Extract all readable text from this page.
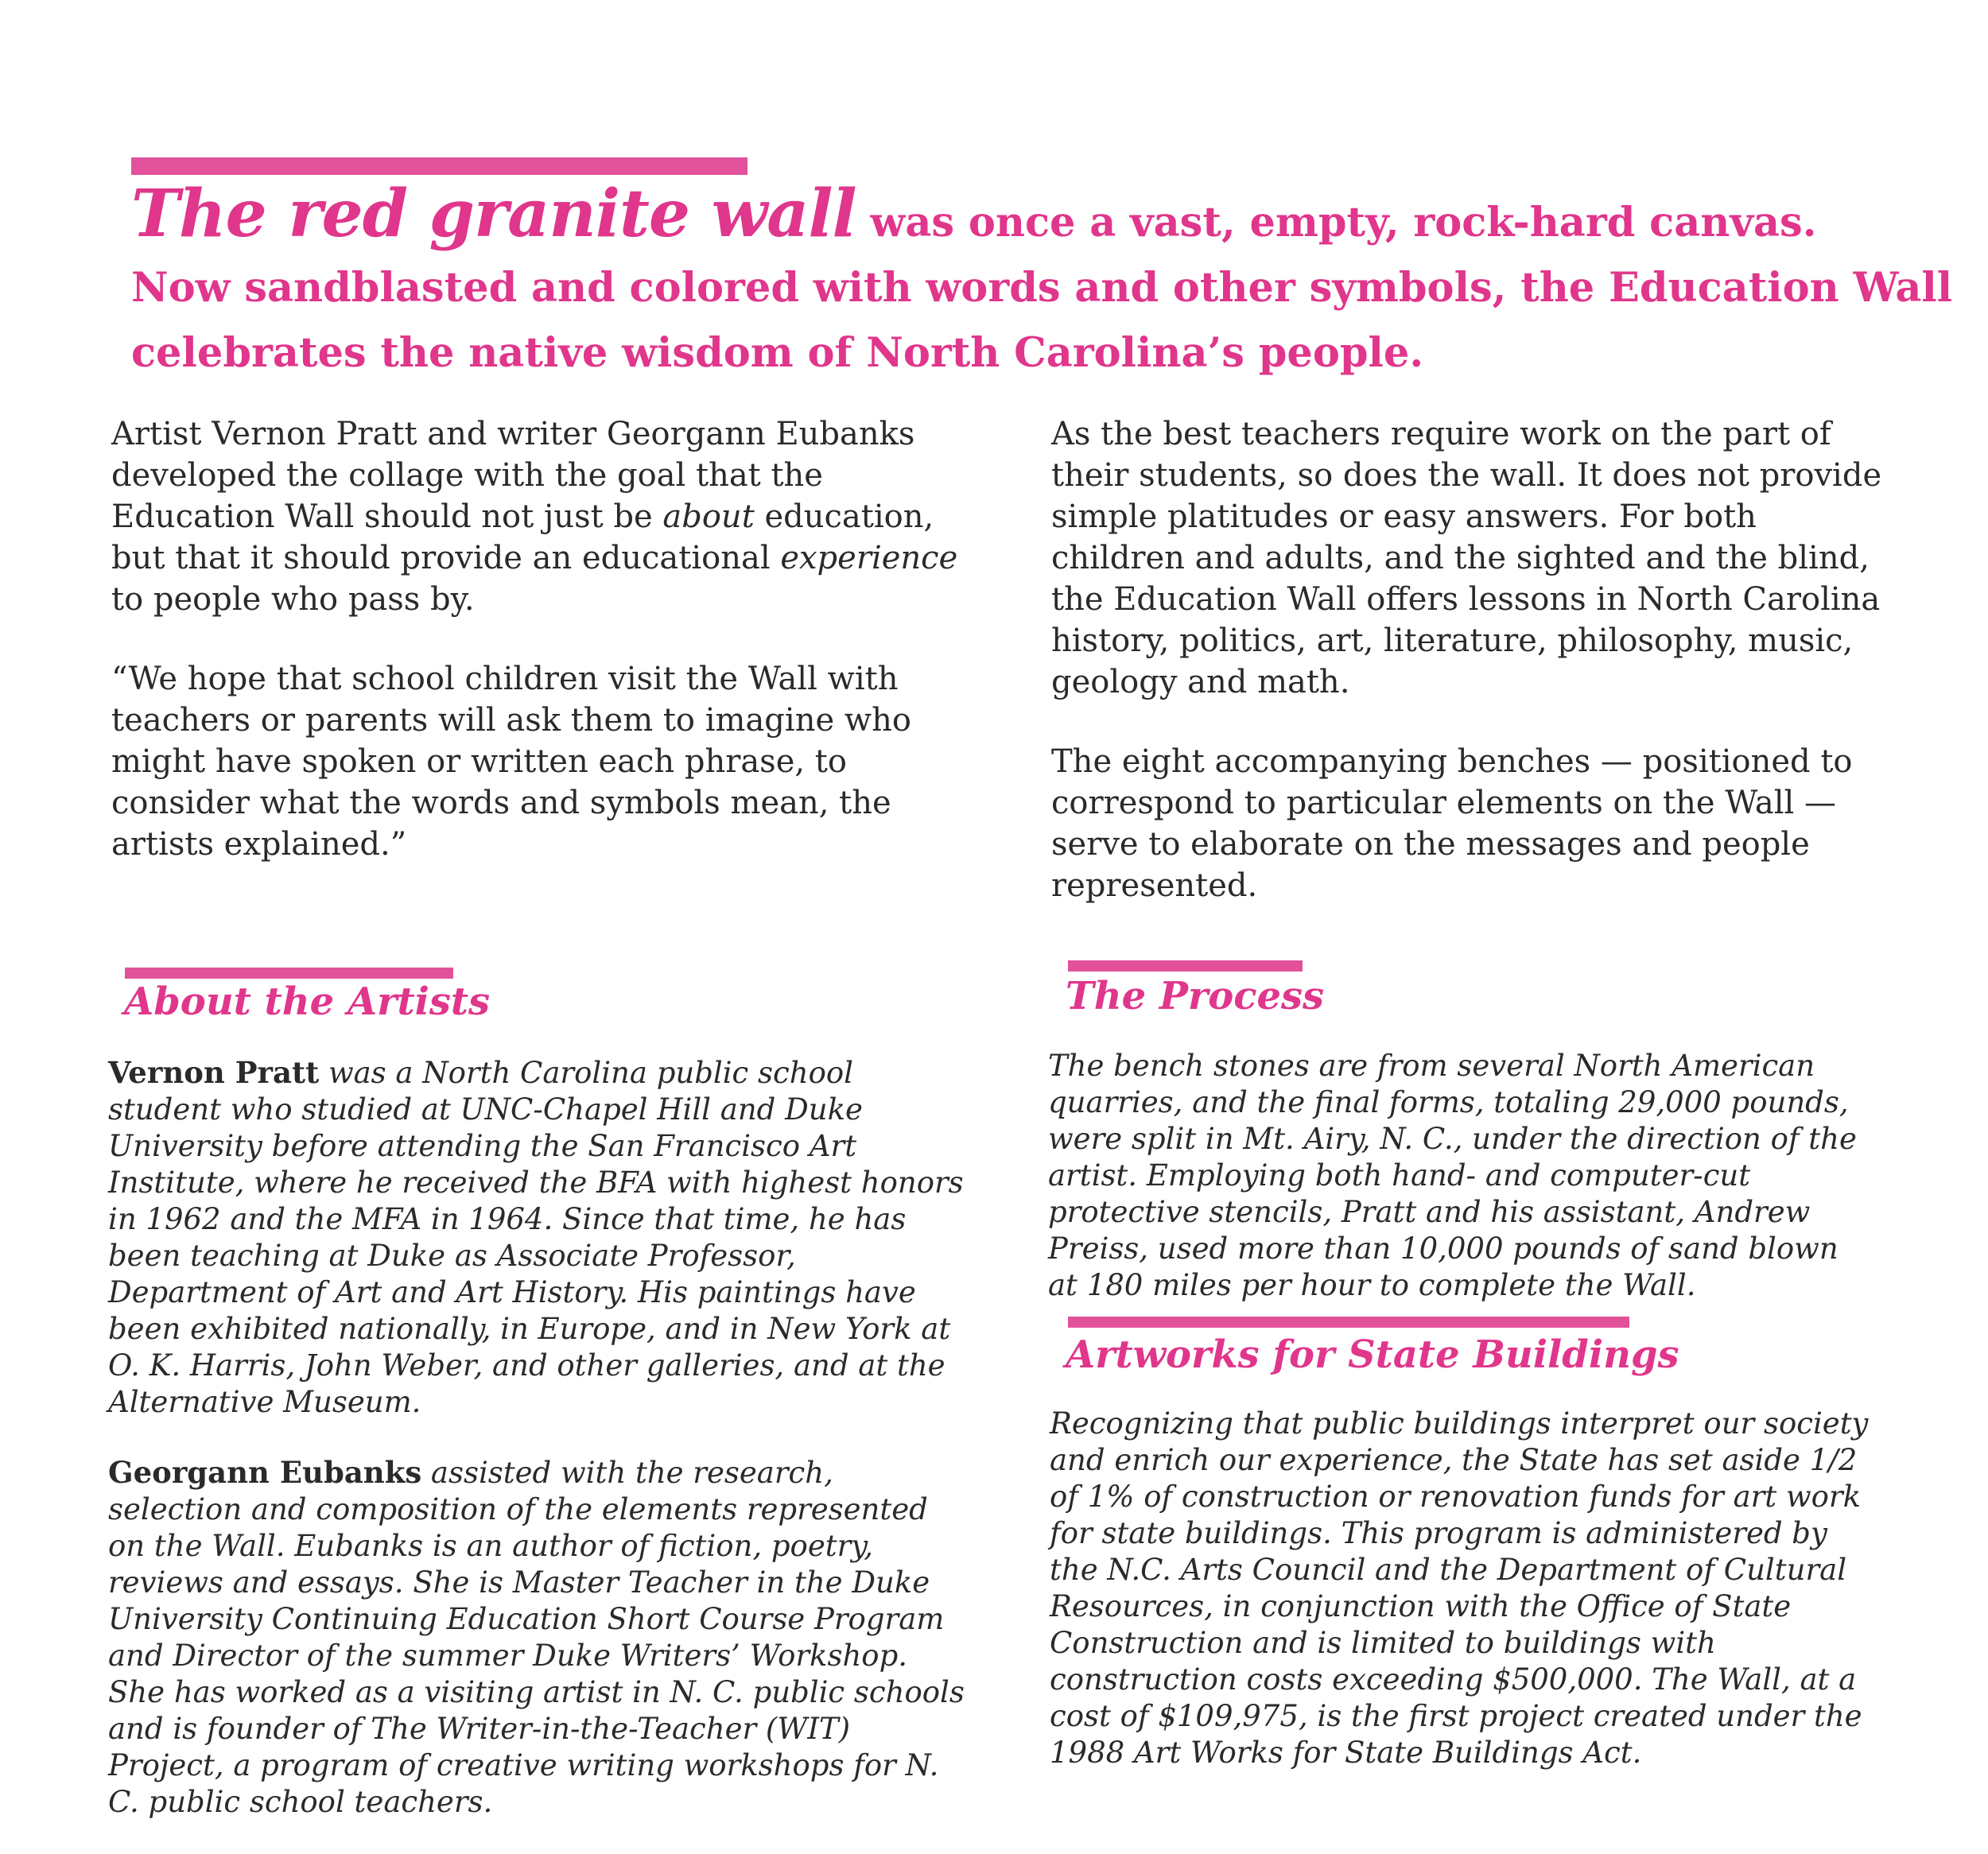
The red granite wall was once a vast, empty, rock-hard canvas.
Now sandblasted and colored with words and other symbols, the Education Wall
celebrates the native wisdom of North Carolina’s people.

Artist Vernon Pratt and writer Georgann Eubanks developed the collage with the goal that the Education Wall should not just be about education, but that it should provide an educational experience to people who pass by.

“We hope that school children visit the Wall with teachers or parents will ask them to imagine who might have spoken or written each phrase, to consider what the words and symbols mean, the artists explained.”

As the best teachers require work on the part of their students, so does the wall. It does not provide simple platitudes or easy answers. For both children and adults, and the sighted and the blind, the Education Wall offers lessons in North Carolina history, politics, art, literature, philosophy, music, geology and math.

The eight accompanying benches — positioned to correspond to particular elements on the Wall — serve to elaborate on the messages and people represented.

About the Artists

Vernon Pratt was a North Carolina public school student who studied at UNC-Chapel Hill and Duke University before attending the San Francisco Art Institute, where he received the BFA with highest honors in 1962 and the MFA in 1964. Since that time, he has been teaching at Duke as Associate Professor, Department of Art and Art History. His paintings have been exhibited nationally, in Europe, and in New York at O. K. Harris, John Weber, and other galleries, and at the Alternative Museum.

Georgann Eubanks assisted with the research, selection and composition of the elements represented on the Wall. Eubanks is an author of fiction, poetry, reviews and essays. She is Master Teacher in the Duke University Continuing Education Short Course Program and Director of the summer Duke Writers’ Workshop. She has worked as a visiting artist in N. C. public schools and is founder of The Writer-in-the-Teacher (WIT) Project, a program of creative writing workshops for N. C. public school teachers.

The Process
The bench stones are from several North American quarries, and the final forms, totaling 29,000 pounds, were split in Mt. Airy, N. C., under the direction of the artist. Employing both hand- and computer-cut protective stencils, Pratt and his assistant, Andrew Preiss, used more than 10,000 pounds of sand blown at 180 miles per hour to complete the Wall.
Artworks for State Buildings
Recognizing that public buildings interpret our society and enrich our experience, the State has set aside 1/2 of 1% of construction or renovation funds for art work for state buildings. This program is administered by the N.C. Arts Council and the Department of Cultural Resources, in conjunction with the Office of State Construction and is limited to buildings with construction costs exceeding $500,000. The Wall, at a cost of $109,975, is the first project created under the 1988 Art Works for State Buildings Act.
